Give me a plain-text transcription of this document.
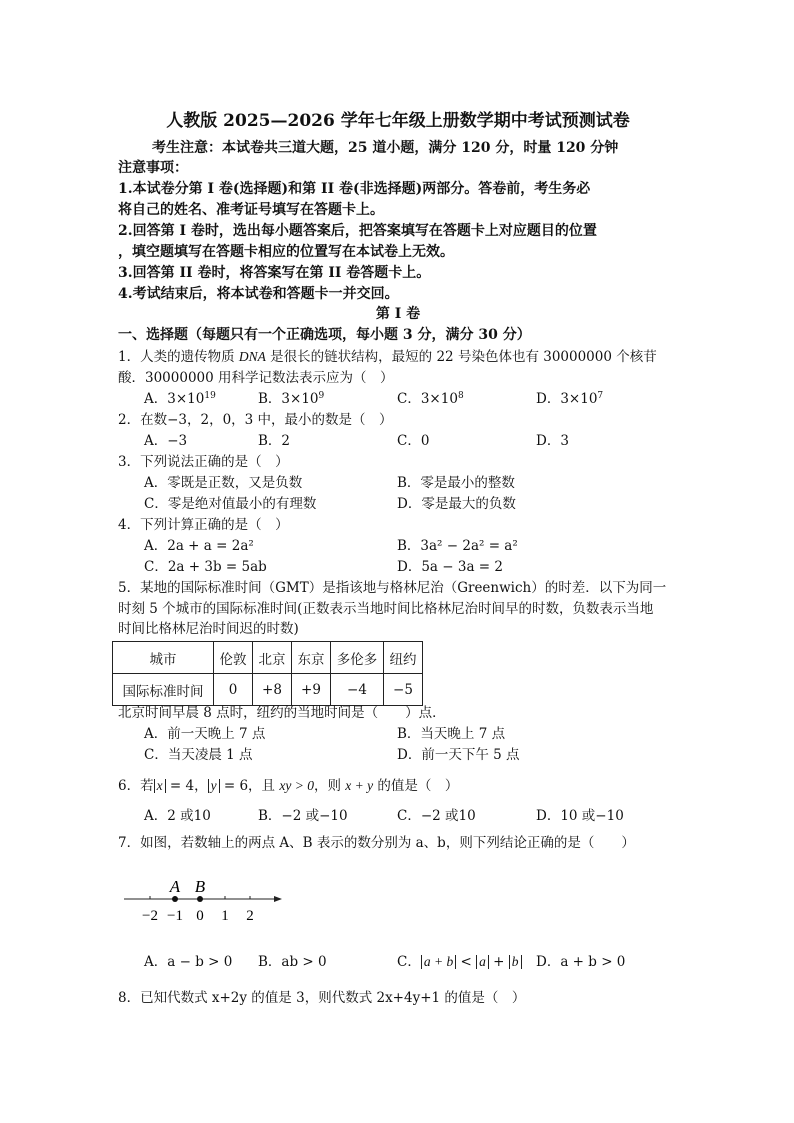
人教版 2025—2026 学年七年级上册数学期中考试预测试卷
考生注意：本试卷共三道大题，25 道小题，满分 120 分，时量 120 分钟
注意事项：
1.本试卷分第 I 卷(选择题)和第 II 卷(非选择题)两部分。答卷前，考生务必
将自己的姓名、准考证号填写在答题卡上。
2.回答第 I 卷时，选出每小题答案后，把答案填写在答题卡上对应题目的位置
，填空题填写在答题卡相应的位置写在本试卷上无效。
3.回答第 II 卷时，将答案写在第 II 卷答题卡上。
4.考试结束后，将本试卷和答题卡一并交回。
第 I 卷
一、选择题（每题只有一个正确选项，每小题 3 分，满分 30 分）
1．人类的遗传物质 DNA 是很长的链状结构，最短的 22 号染色体也有 30000000 个核苷
酸．30000000 用科学记数法表示应为（　）
A．$3\times 10^{19}$	B．$3\times 10^9$	C．$3\times 10^8$	D．$3\times 10^7$
2．在数−3，2，0，3 中，最小的数是（　）
A．−3	B．2	C．0	D．3
3．下列说法正确的是（　）
A．零既是正数，又是负数	B．零是最小的整数
C．零是绝对值最小的有理数	D．零是最大的负数
4．下列计算正确的是（　）
A．2a + a = 2a²	B．3a² − 2a² = a²
C．2a + 3b = 5ab	D．5a − 3a = 2
5．某地的国际标准时间（GMT）是指该地与格林尼治（Greenwich）的时差．以下为同一
时刻 5 个城市的国际标准时间(正数表示当地时间比格林尼治时间早的时数，负数表示当地
时间比格林尼治时间迟的时数)
城市	伦敦	北京	东京	多伦多	纽约
国际标准时间	0	+8	+9	−4	−5
北京时间早晨 8 点时，纽约的当地时间是（　　）点．
A．前一天晚上 7 点	B．当天晚上 7 点
C．当天凌晨 1 点	D．前一天下午 5 点
6．若 x = 4， y = 6，且 xy > 0，则 x + y 的值是（　）
A．2 或10	B．−2 或−10	C．−2 或10	D．10 或−10
7．如图，若数轴上的两点 A、B 表示的数分别为 a、b，则下列结论正确的是（　　）
−2 −1 0 1 2
A B
A．a − b > 0 B．ab > 0	C． a + b < a + b D．a + b > 0
8．已知代数式 x+2y 的值是 3，则代数式 2x+4y+1 的值是（　）
